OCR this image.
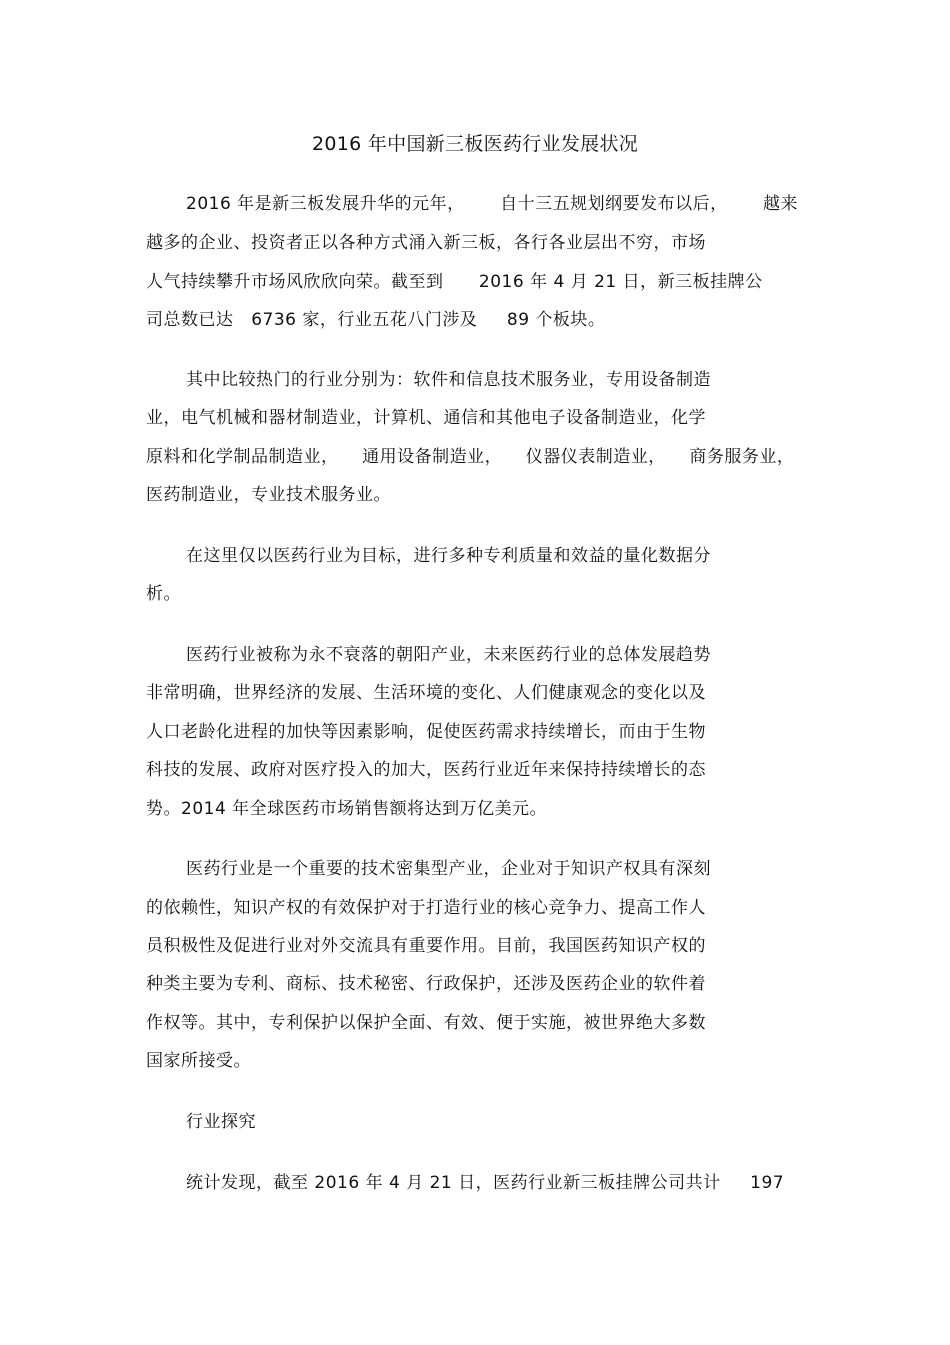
2016 年中国新三板医药行业发展状况
2016 年是新三板发展升华的元年，      自十三五规划纲要发布以后，      越来
越多的企业、投资者正以各种方式涌入新三板，各行各业层出不穷，市场
人气持续攀升市场风欣欣向荣。截至到      2016 年 4 月 21 日，新三板挂牌公
司总数已达   6736 家，行业五花八门涉及     89 个板块。
其中比较热门的行业分别为：软件和信息技术服务业，专用设备制造
业，电气机械和器材制造业，计算机、通信和其他电子设备制造业，化学
原料和化学制品制造业，    通用设备制造业，    仪器仪表制造业，    商务服务业，
医药制造业，专业技术服务业。
在这里仅以医药行业为目标，进行多种专利质量和效益的量化数据分
析。
医药行业被称为永不衰落的朝阳产业，未来医药行业的总体发展趋势
非常明确，世界经济的发展、生活环境的变化、人们健康观念的变化以及
人口老龄化进程的加快等因素影响，促使医药需求持续增长，而由于生物
科技的发展、政府对医疗投入的加大，医药行业近年来保持持续增长的态
势。2014 年全球医药市场销售额将达到万亿美元。
医药行业是一个重要的技术密集型产业，企业对于知识产权具有深刻
的依赖性，知识产权的有效保护对于打造行业的核心竞争力、提高工作人
员积极性及促进行业对外交流具有重要作用。目前，我国医药知识产权的
种类主要为专利、商标、技术秘密、行政保护，还涉及医药企业的软件着
作权等。其中，专利保护以保护全面、有效、便于实施，被世界绝大多数
国家所接受。
行业探究
统计发现，截至 2016 年 4 月 21 日，医药行业新三板挂牌公司共计     197
